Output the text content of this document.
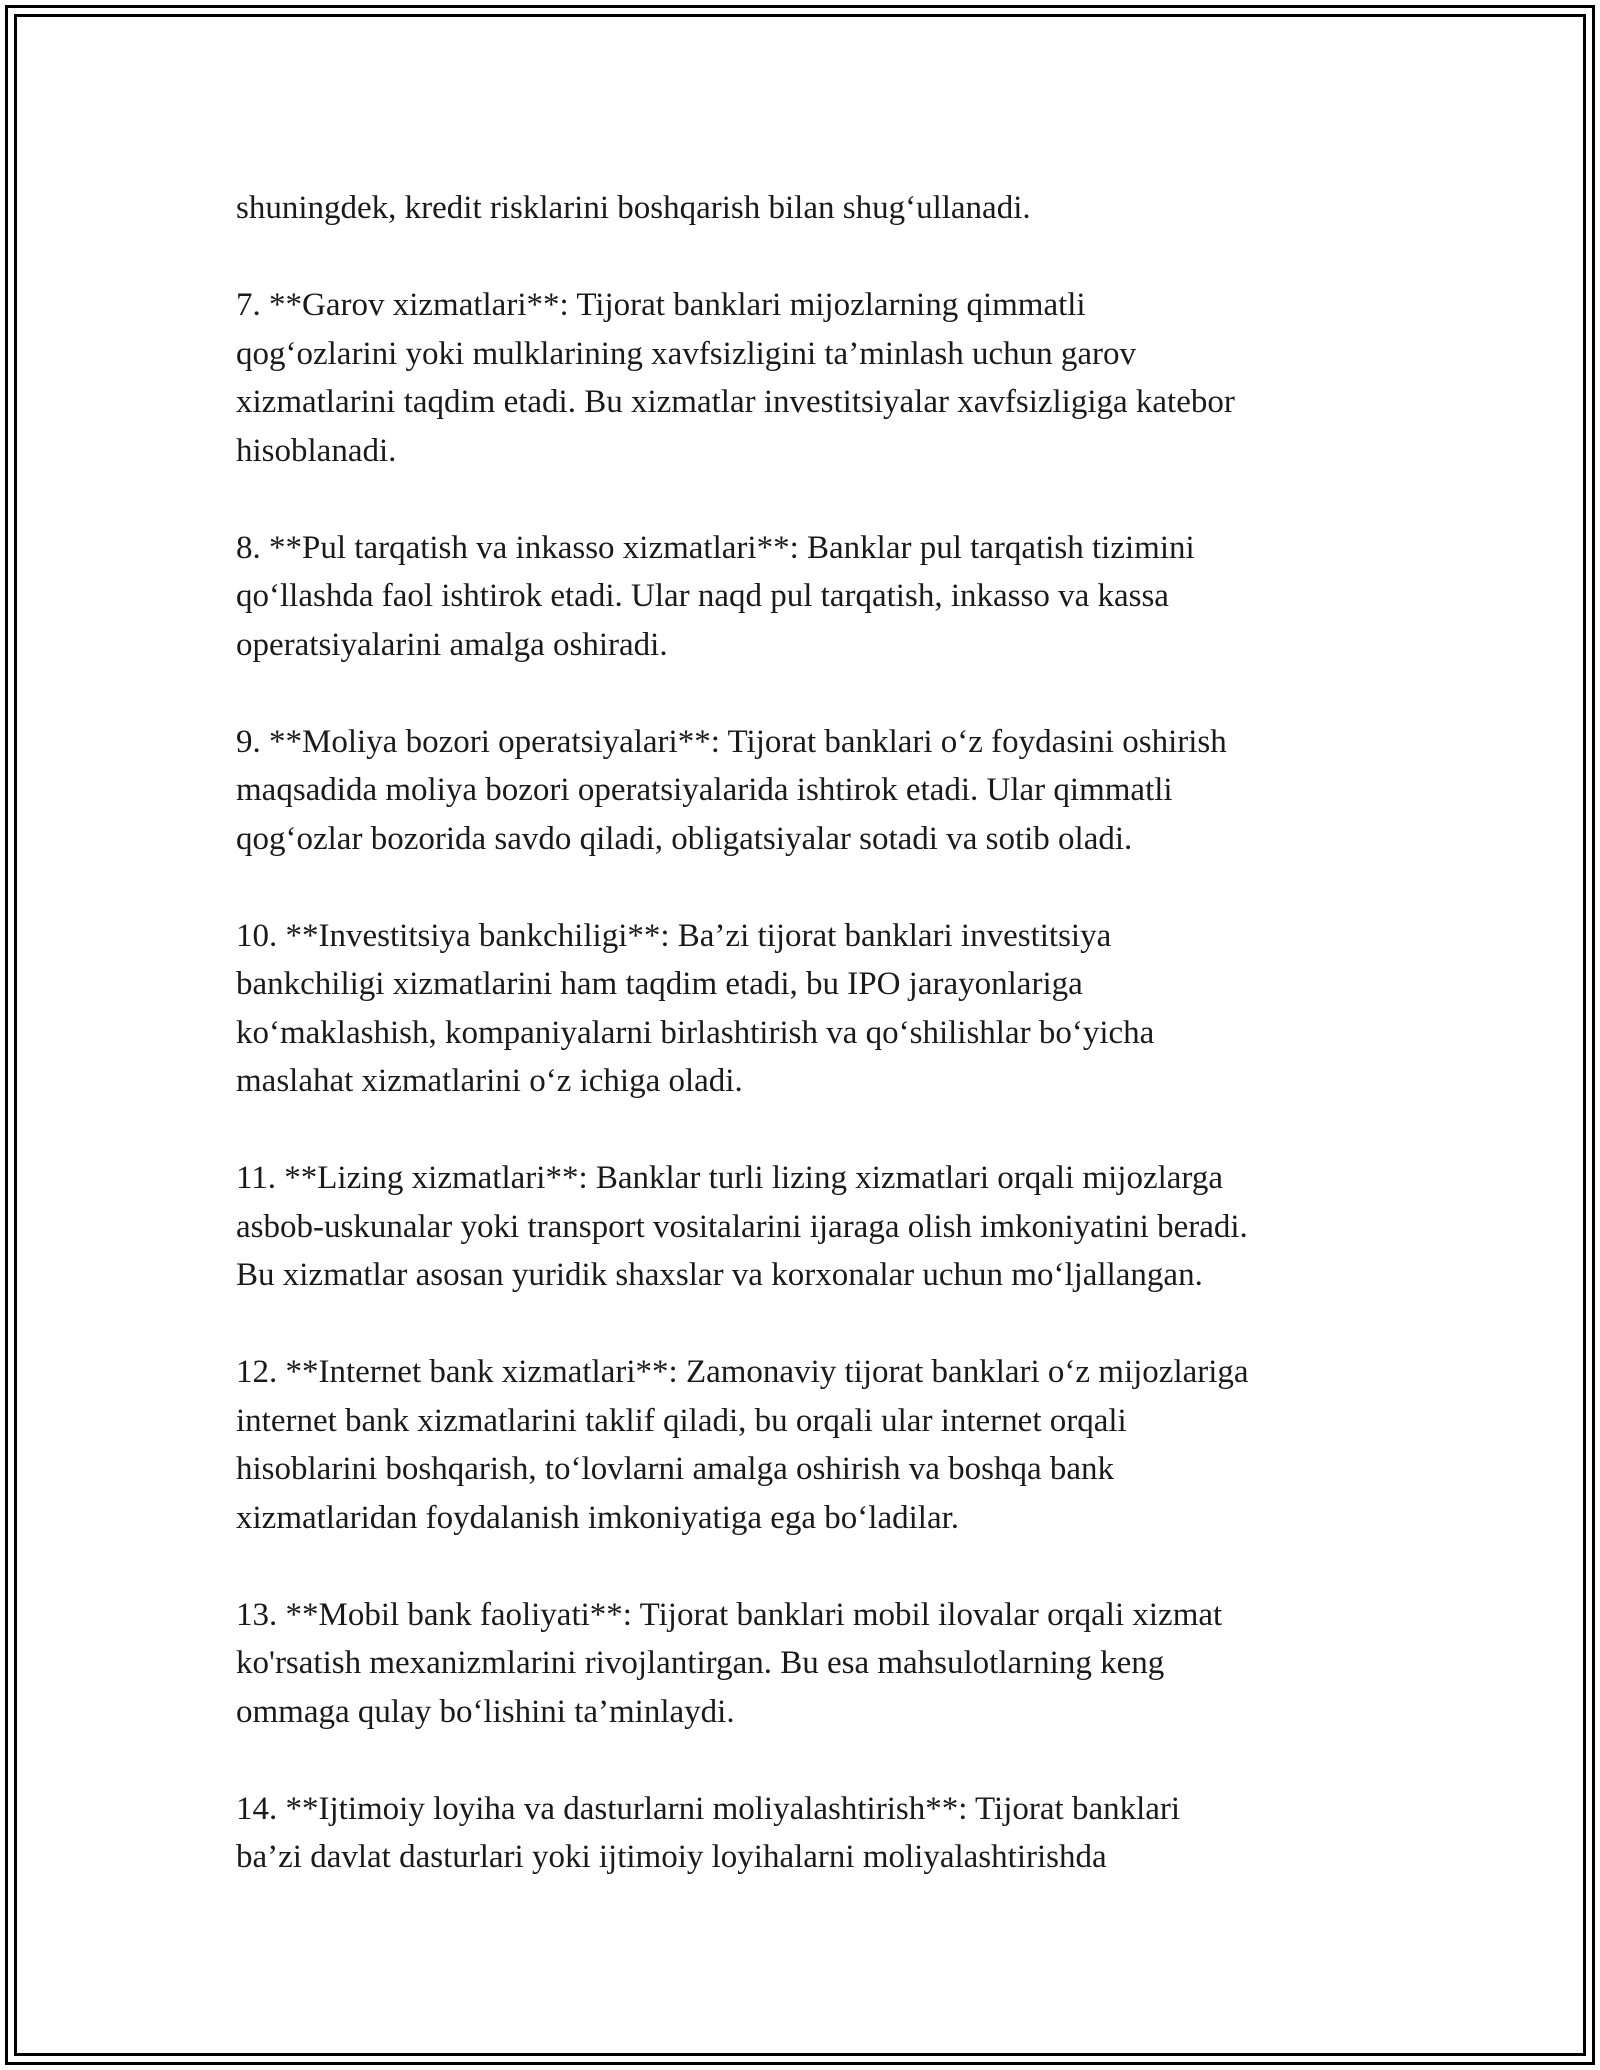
shuningdek, kredit risklarini boshqarish bilan shug‘ullanadi.

7. **Garov xizmatlari**: Tijorat banklari mijozlarning qimmatli
qog‘ozlarini yoki mulklarining xavfsizligini ta’minlash uchun garov
xizmatlarini taqdim etadi. Bu xizmatlar investitsiyalar xavfsizligiga katebor
hisoblanadi.

8. **Pul tarqatish va inkasso xizmatlari**: Banklar pul tarqatish tizimini
qo‘llashda faol ishtirok etadi. Ular naqd pul tarqatish, inkasso va kassa
operatsiyalarini amalga oshiradi.

9. **Moliya bozori operatsiyalari**: Tijorat banklari o‘z foydasini oshirish
maqsadida moliya bozori operatsiyalarida ishtirok etadi. Ular qimmatli
qog‘ozlar bozorida savdo qiladi, obligatsiyalar sotadi va sotib oladi.

10. **Investitsiya bankchiligi**: Ba’zi tijorat banklari investitsiya
bankchiligi xizmatlarini ham taqdim etadi, bu IPO jarayonlariga
ko‘maklashish, kompaniyalarni birlashtirish va qo‘shilishlar bo‘yicha
maslahat xizmatlarini o‘z ichiga oladi.

11. **Lizing xizmatlari**: Banklar turli lizing xizmatlari orqali mijozlarga
asbob-uskunalar yoki transport vositalarini ijaraga olish imkoniyatini beradi.
Bu xizmatlar asosan yuridik shaxslar va korxonalar uchun mo‘ljallangan.

12. **Internet bank xizmatlari**: Zamonaviy tijorat banklari o‘z mijozlariga
internet bank xizmatlarini taklif qiladi, bu orqali ular internet orqali
hisoblarini boshqarish, to‘lovlarni amalga oshirish va boshqa bank
xizmatlaridan foydalanish imkoniyatiga ega bo‘ladilar.

13. **Mobil bank faoliyati**: Tijorat banklari mobil ilovalar orqali xizmat
ko'rsatish mexanizmlarini rivojlantirgan. Bu esa mahsulotlarning keng
ommaga qulay bo‘lishini ta’minlaydi.

14. **Ijtimoiy loyiha va dasturlarni moliyalashtirish**: Tijorat banklari
ba’zi davlat dasturlari yoki ijtimoiy loyihalarni moliyalashtirishda
